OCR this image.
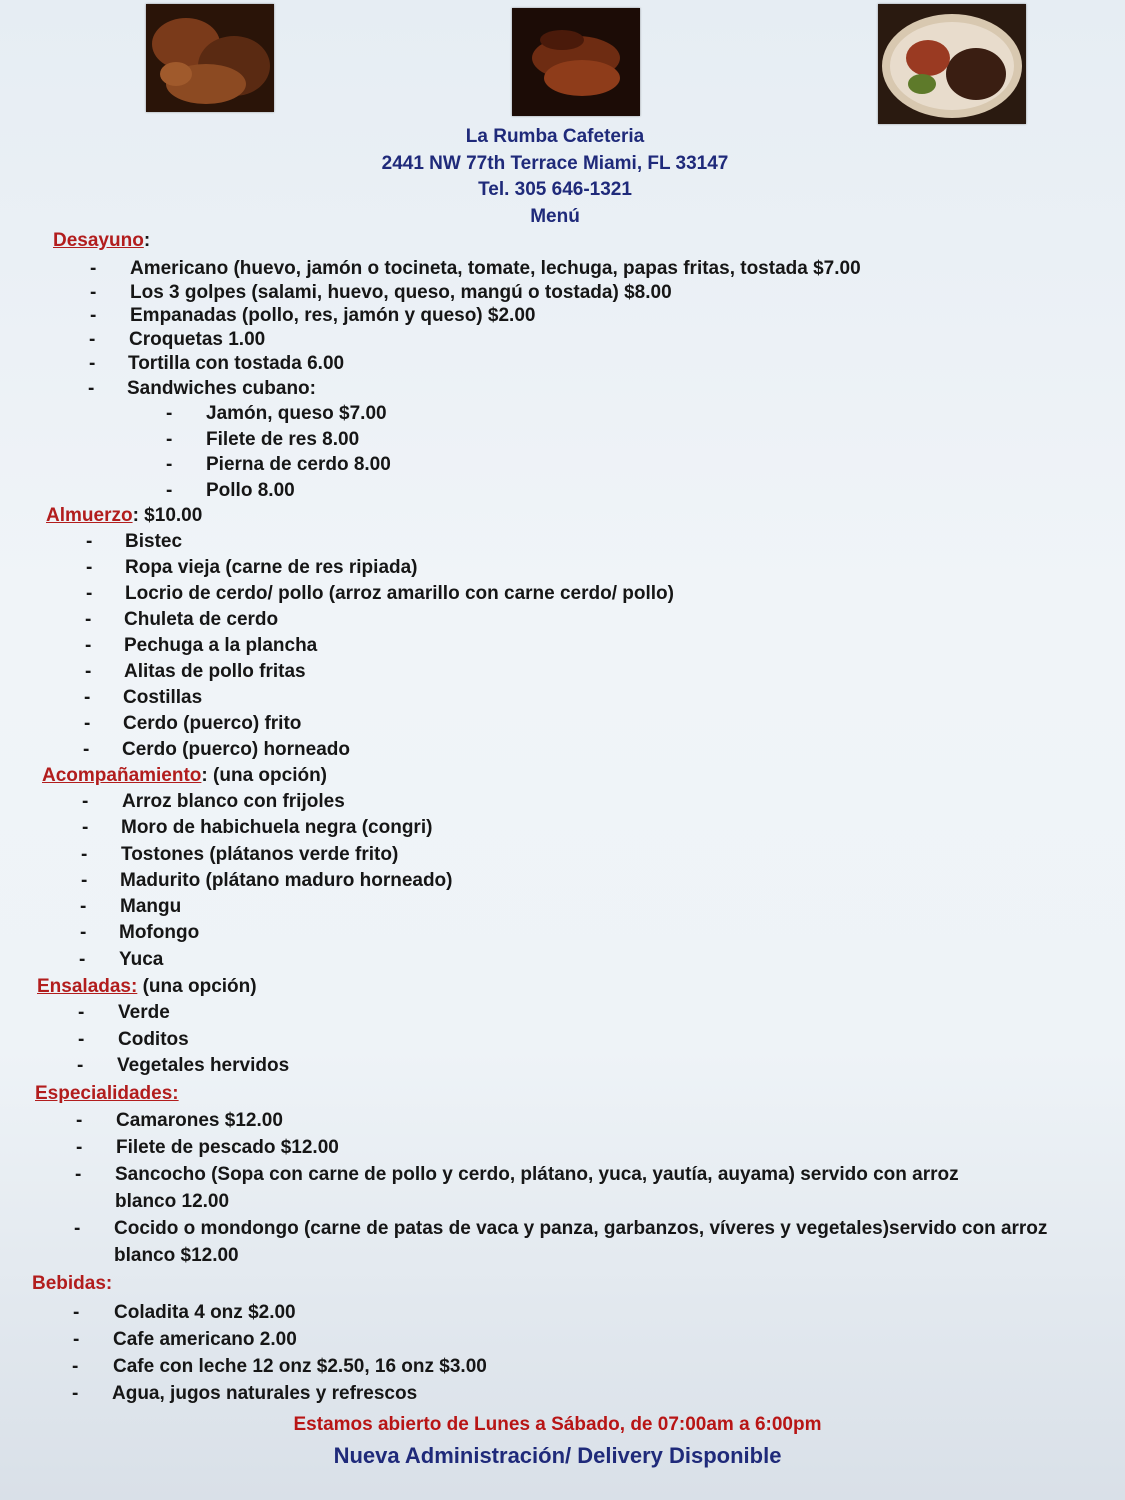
La Rumba Cafeteria
2441 NW 77th Terrace Miami, FL 33147
Tel. 305 646-1321
Menú
Desayuno:
- Americano (huevo, jamón o tocineta, tomate, lechuga, papas fritas, tostada $7.00
- Los 3 golpes (salami, huevo, queso, mangú o tostada) $8.00
- Empanadas (pollo, res, jamón y queso) $2.00
- Croquetas 1.00
- Tortilla con tostada 6.00
- Sandwiches cubano:
- Jamón, queso $7.00
- Filete de res 8.00
- Pierna de cerdo 8.00
- Pollo 8.00
Almuerzo: $10.00
- Bistec
- Ropa vieja (carne de res ripiada)
- Locrio de cerdo/ pollo (arroz amarillo con carne cerdo/ pollo)
- Chuleta de cerdo
- Pechuga a la plancha
- Alitas de pollo fritas
- Costillas
- Cerdo (puerco) frito
- Cerdo (puerco) horneado
Acompañamiento: (una opción)
- Arroz blanco con frijoles
- Moro de habichuela negra (congri)
- Tostones (plátanos verde frito)
- Madurito (plátano maduro horneado)
- Mangu
- Mofongo
- Yuca
Ensaladas: (una opción)
- Verde
- Coditos
- Vegetales hervidos
Especialidades:
- Camarones $12.00
- Filete de pescado $12.00
- Sancocho (Sopa con carne de pollo y cerdo, plátano, yuca, yautía, auyama) servido con arroz blanco 12.00
- Cocido o mondongo (carne de patas de vaca y panza, garbanzos, víveres y vegetales)servido con arroz blanco $12.00
Bebidas:
- Coladita 4 onz $2.00
- Cafe americano 2.00
- Cafe con leche 12 onz $2.50, 16 onz $3.00
- Agua, jugos naturales y refrescos
Estamos abierto de Lunes a Sábado, de 07:00am a 6:00pm
Nueva Administración/ Delivery Disponible
